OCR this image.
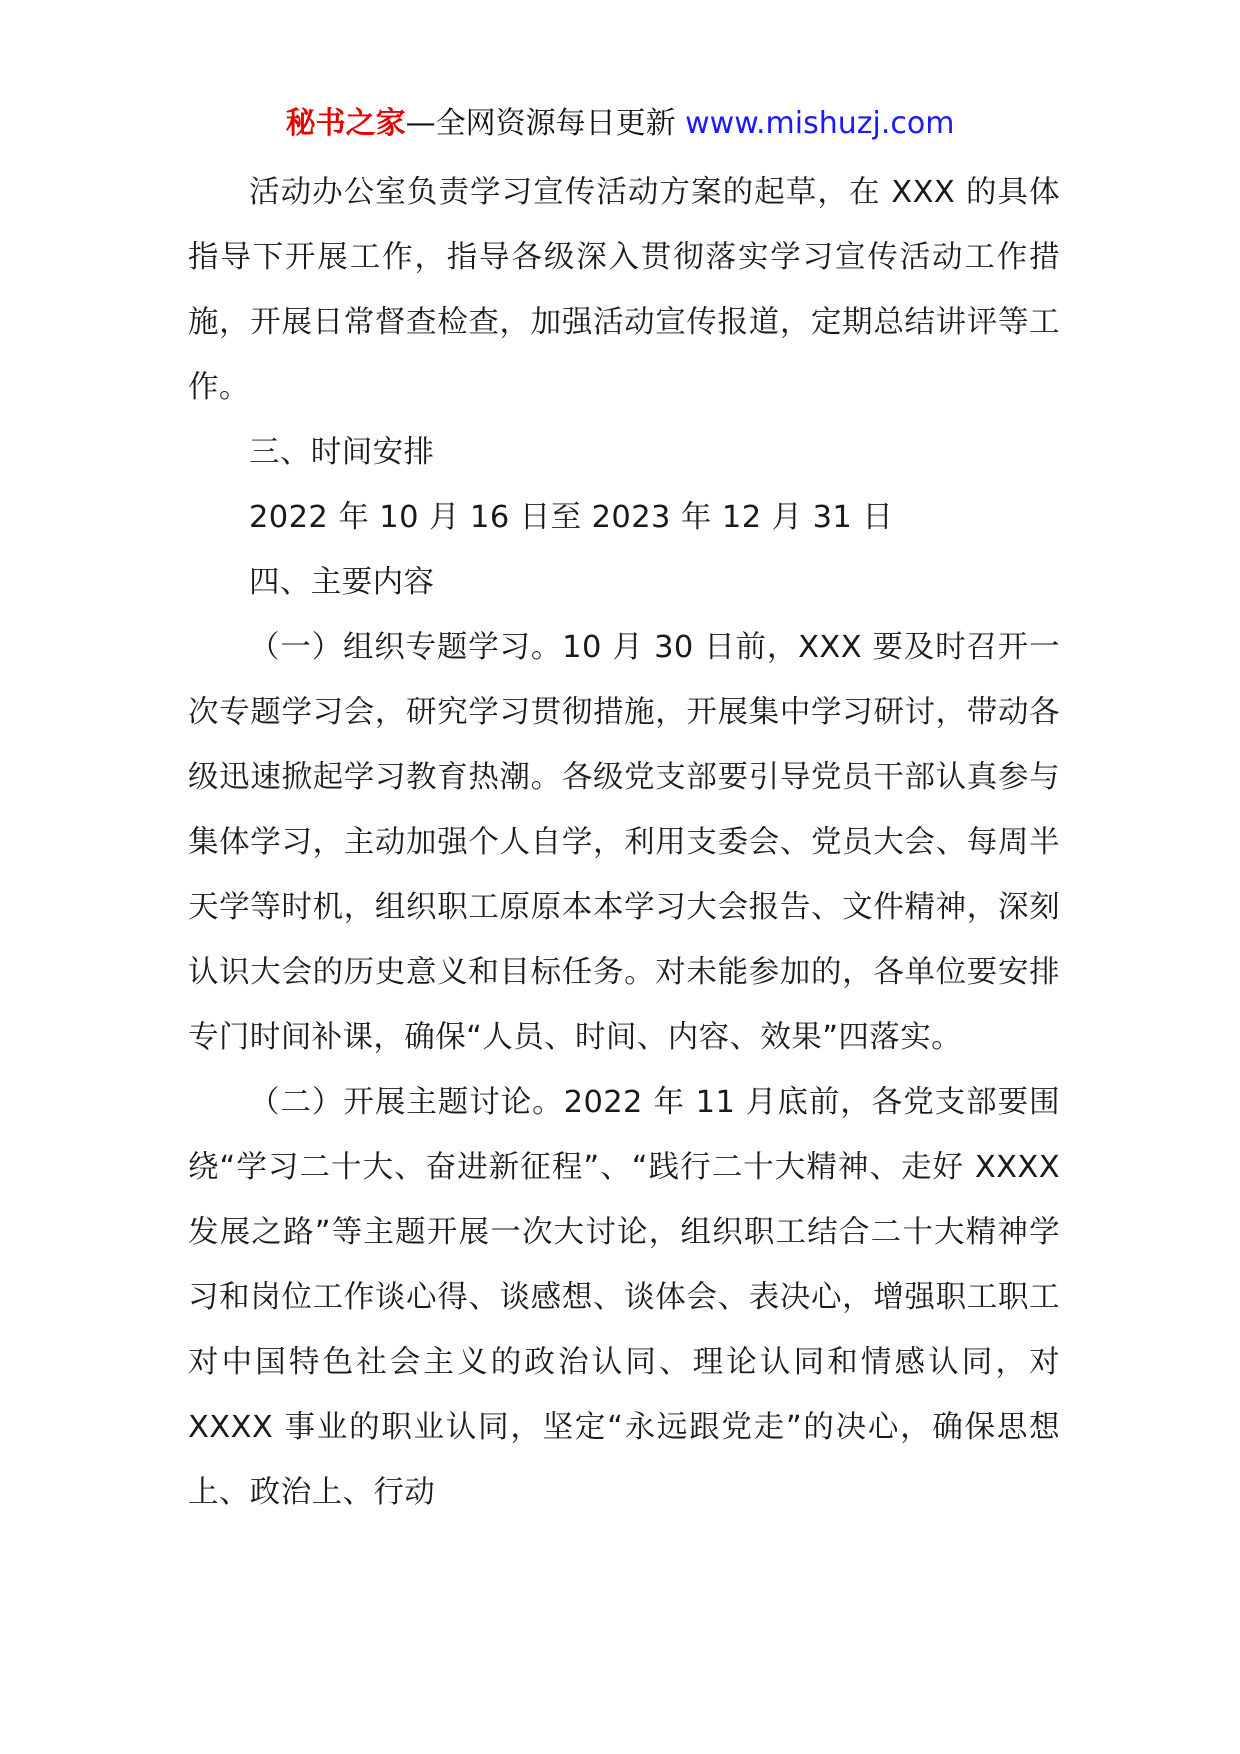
秘书之家—全网资源每日更新 www.mishuzj.com

活动办公室负责学习宣传活动方案的起草，在 XXX 的具体指导下开展工作，指导各级深入贯彻落实学习宣传活动工作措施，开展日常督查检查，加强活动宣传报道，定期总结讲评等工作。

三、时间安排

2022 年 10 月 16 日至 2023 年 12 月 31 日

四、主要内容

（一）组织专题学习。10 月 30 日前，XXX 要及时召开一次专题学习会，研究学习贯彻措施，开展集中学习研讨，带动各级迅速掀起学习教育热潮。各级党支部要引导党员干部认真参与集体学习，主动加强个人自学，利用支委会、党员大会、每周半天学等时机，组织职工原原本本学习大会报告、文件精神，深刻认识大会的历史意义和目标任务。对未能参加的，各单位要安排专门时间补课，确保“人员、时间、内容、效果”四落实。

（二）开展主题讨论。2022 年 11 月底前，各党支部要围绕“学习二十大、奋进新征程”、“践行二十大精神、走好 XXXX 发展之路”等主题开展一次大讨论，组织职工结合二十大精神学习和岗位工作谈心得、谈感想、谈体会、表决心，增强职工职工对中国特色社会主义的政治认同、理论认同和情感认同，对 XXXX 事业的职业认同，坚定“永远跟党走”的决心，确保思想上、政治上、行动
